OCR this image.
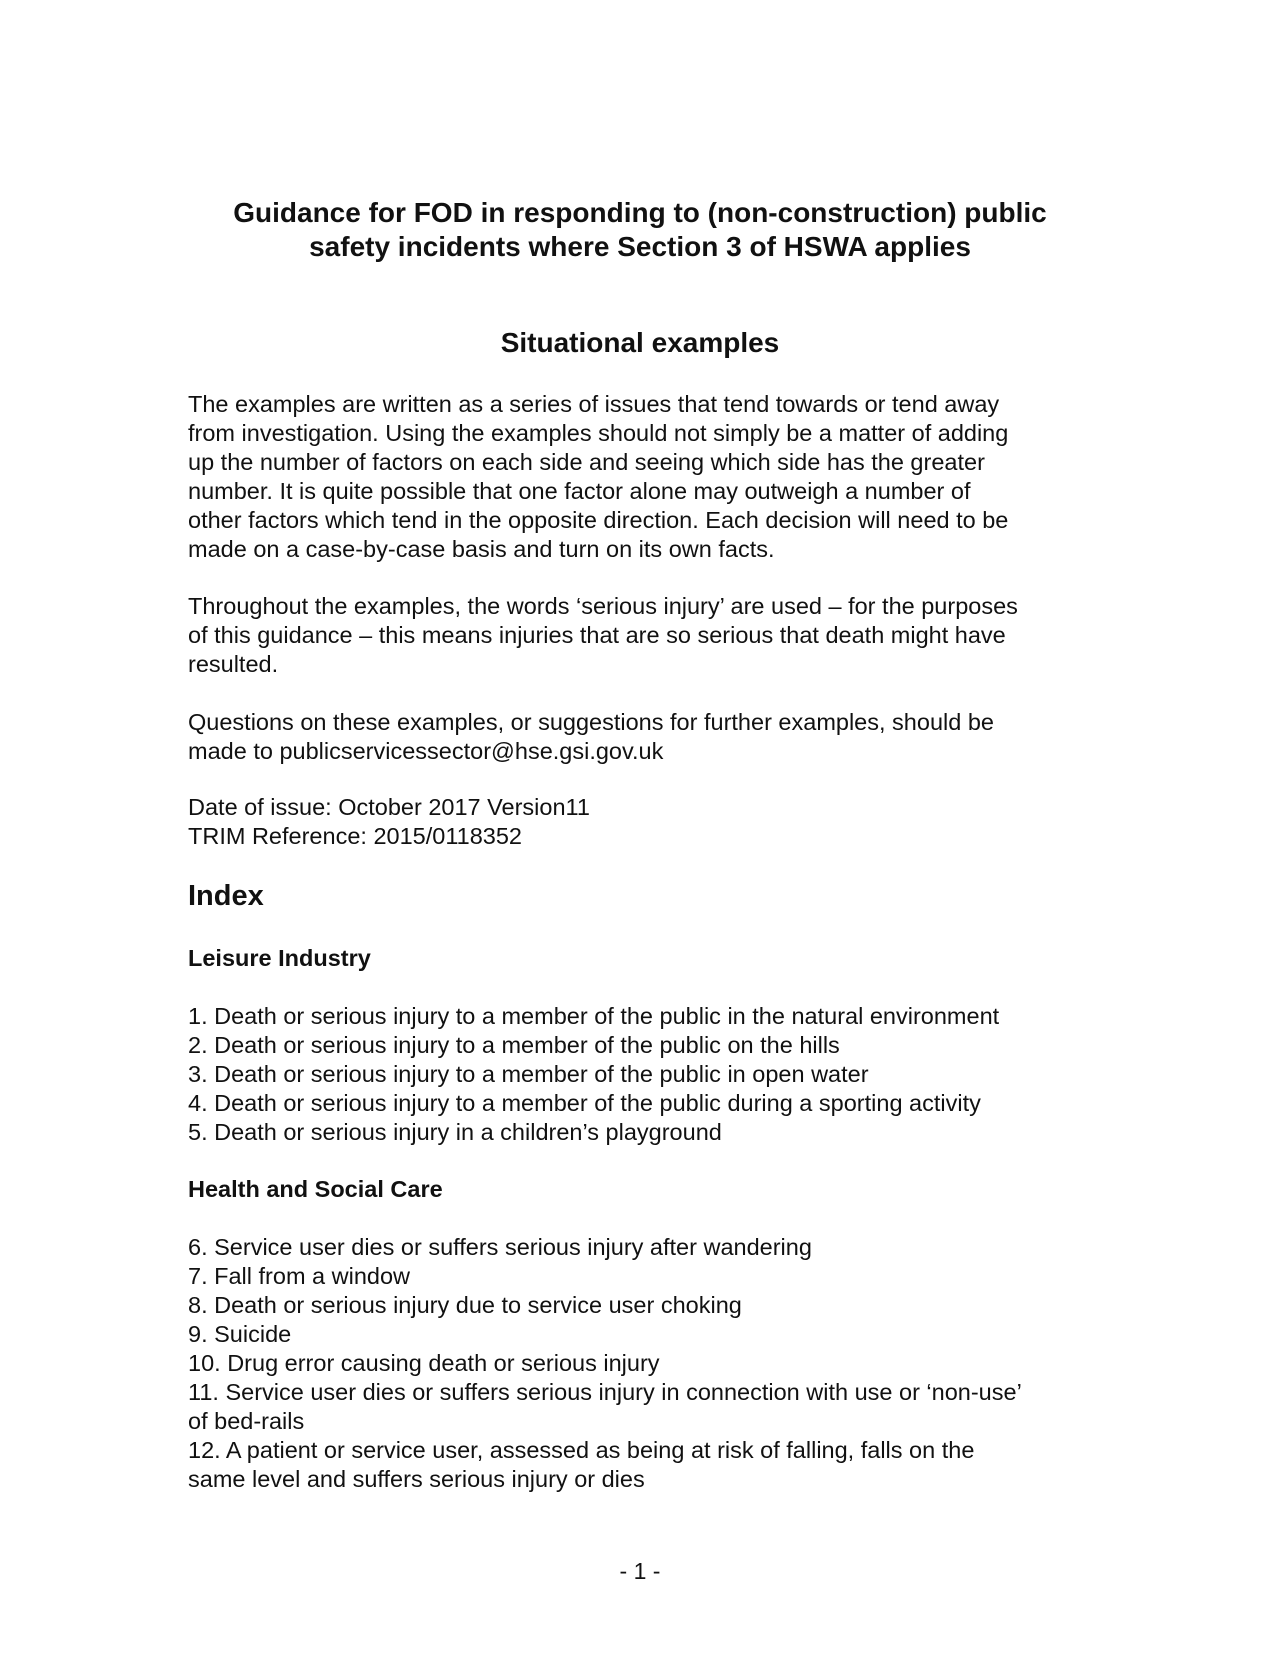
Guidance for FOD in responding to (non-construction) public
safety incidents where Section 3 of HSWA applies
Situational examples
The examples are written as a series of issues that tend towards or tend away
from investigation. Using the examples should not simply be a matter of adding
up the number of factors on each side and seeing which side has the greater
number. It is quite possible that one factor alone may outweigh a number of
other factors which tend in the opposite direction. Each decision will need to be
made on a case-by-case basis and turn on its own facts.
Throughout the examples, the words ‘serious injury’ are used – for the purposes
of this guidance – this means injuries that are so serious that death might have
resulted.
Questions on these examples, or suggestions for further examples, should be
made to publicservicessector@hse.gsi.gov.uk
Date of issue: October 2017 Version11
TRIM Reference: 2015/0118352
Index
Leisure Industry
1. Death or serious injury to a member of the public in the natural environment
2. Death or serious injury to a member of the public on the hills
3. Death or serious injury to a member of the public in open water
4. Death or serious injury to a member of the public during a sporting activity
5. Death or serious injury in a children’s playground
Health and Social Care
6. Service user dies or suffers serious injury after wandering
7. Fall from a window
8. Death or serious injury due to service user choking
9. Suicide
10. Drug error causing death or serious injury
11. Service user dies or suffers serious injury in connection with use or ‘non-use’
of bed-rails
12. A patient or service user, assessed as being at risk of falling, falls on the
same level and suffers serious injury or dies
- 1 -
